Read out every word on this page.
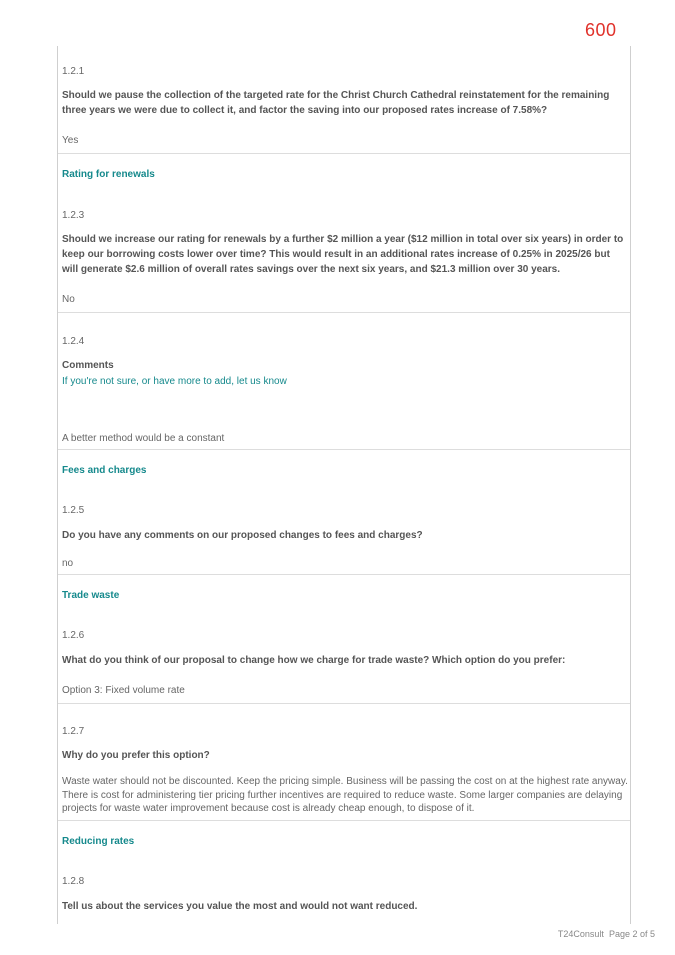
600
1.2.1
Should we pause the collection of the targeted rate for the Christ Church Cathedral reinstatement for the remaining three years we were due to collect it, and factor the saving into our proposed rates increase of 7.58%?
Yes
Rating for renewals
1.2.3
Should we increase our rating for renewals by a further $2 million a year ($12 million in total over six years) in order to keep our borrowing costs lower over time? This would result in an additional rates increase of 0.25% in 2025/26 but will generate $2.6 million of overall rates savings over the next six years, and $21.3 million over 30 years.
No
1.2.4
Comments
If you're not sure, or have more to add, let us know
A better method would be a constant
Fees and charges
1.2.5
Do you have any comments on our proposed changes to fees and charges?
no
Trade waste
1.2.6
What do you think of our proposal to change how we charge for trade waste? Which option do you prefer:
Option 3: Fixed volume rate
1.2.7
Why do you prefer this option?
Waste water should not be discounted. Keep the pricing simple. Business will be passing the cost on at the highest rate anyway. There is cost for administering tier pricing further incentives are required to reduce waste. Some larger companies are delaying projects for waste water improvement because cost is already cheap enough, to dispose of it.
Reducing rates
1.2.8
Tell us about the services you value the most and would not want reduced.
T24Consult Page 2 of 5
